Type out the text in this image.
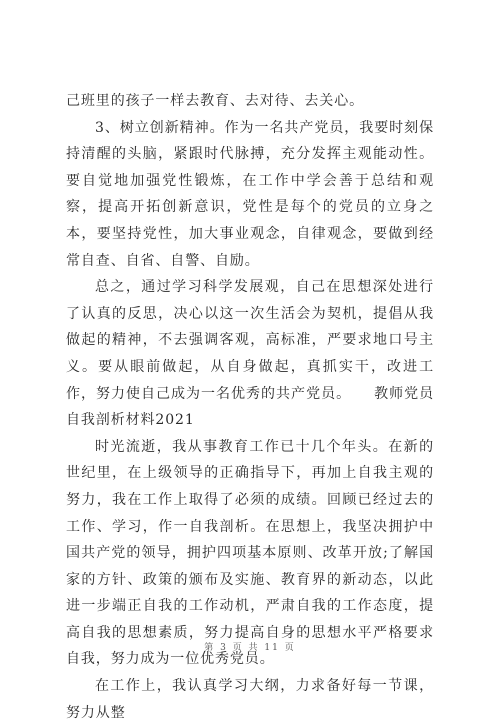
己班里的孩子一样去教育、去对待、去关心。

3、树立创新精神。作为一名共产党员，我要时刻保持清醒的头脑，紧跟时代脉搏，充分发挥主观能动性。要自觉地加强党性锻炼，在工作中学会善于总结和观察，提高开拓创新意识，党性是每个的党员的立身之本，要坚持党性，加大事业观念，自律观念，要做到经常自查、自省、自警、自励。

总之，通过学习科学发展观，自己在思想深处进行了认真的反思，决心以这一次生活会为契机，提倡从我做起的精神，不去强调客观，高标准，严要求地口号主义。要从眼前做起，从自身做起，真抓实干，改进工作，努力使自己成为一名优秀的共产党员。　　教师党员自我剖析材料2021

时光流逝，我从事教育工作已十几个年头。在新的世纪里，在上级领导的正确指导下，再加上自我主观的努力，我在工作上取得了必须的成绩。回顾已经过去的工作、学习，作一自我剖析。在思想上，我坚决拥护中国共产党的领导，拥护四项基本原则、改革开放;了解国家的方针、政策的颁布及实施、教育界的新动态，以此进一步端正自我的工作动机，严肃自我的工作态度，提高自我的思想素质，努力提高自身的思想水平严格要求自我，努力成为一位优秀党员。

在工作上，我认真学习大纲，力求备好每一节课，努力从整

第 3 页 共 11 页
